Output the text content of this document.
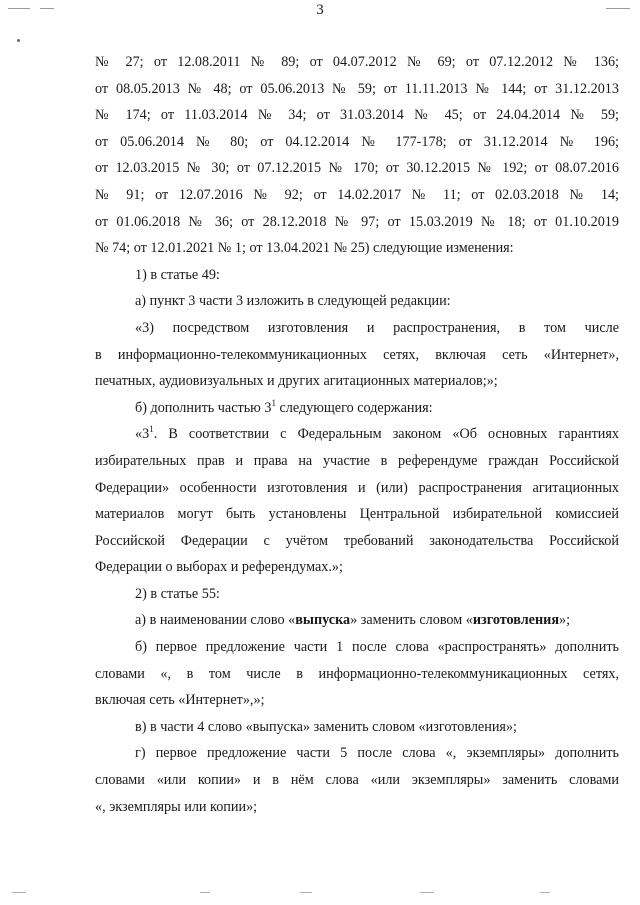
3
№ 27; от 12.08.2011 № 89; от 04.07.2012 № 69; от 07.12.2012 № 136;
от 08.05.2013 № 48; от 05.06.2013 № 59; от 11.11.2013 № 144; от 31.12.2013
№ 174; от 11.03.2014 № 34; от 31.03.2014 № 45; от 24.04.2014 № 59;
от 05.06.2014 № 80; от 04.12.2014 № 177-178; от 31.12.2014 № 196;
от 12.03.2015 № 30; от 07.12.2015 № 170; от 30.12.2015 № 192; от 08.07.2016
№ 91; от 12.07.2016 № 92; от 14.02.2017 № 11; от 02.03.2018 № 14;
от 01.06.2018 № 36; от 28.12.2018 № 97; от 15.03.2019 № 18; от 01.10.2019
№ 74; от 12.01.2021 № 1; от 13.04.2021 № 25) следующие изменения:
1) в статье 49:
а) пункт 3 части 3 изложить в следующей редакции:
«3) посредством изготовления и распространения, в том числе
в информационно-телекоммуникационных сетях, включая сеть «Интернет»,
печатных, аудиовизуальных и других агитационных материалов;»;
б) дополнить частью $3^1$ следующего содержания:
«$3^1$. В соответствии с Федеральным законом «Об основных гарантиях
избирательных прав и права на участие в референдуме граждан Российской
Федерации» особенности изготовления и (или) распространения агитационных
материалов могут быть установлены Центральной избирательной комиссией
Российской Федерации с учётом требований законодательства Российской
Федерации о выборах и референдумах.»;
2) в статье 55:
а) в наименовании слово «выпуска» заменить словом «изготовления»;
б) первое предложение части 1 после слова «распространять» дополнить
словами «, в том числе в информационно-телекоммуникационных сетях,
включая сеть «Интернет»,»;
в) в части 4 слово «выпуска» заменить словом «изготовления»;
г) первое предложение части 5 после слова «, экземпляры» дополнить
словами «или копии» и в нём слова «или экземпляры» заменить словами
«, экземпляры или копии»;
